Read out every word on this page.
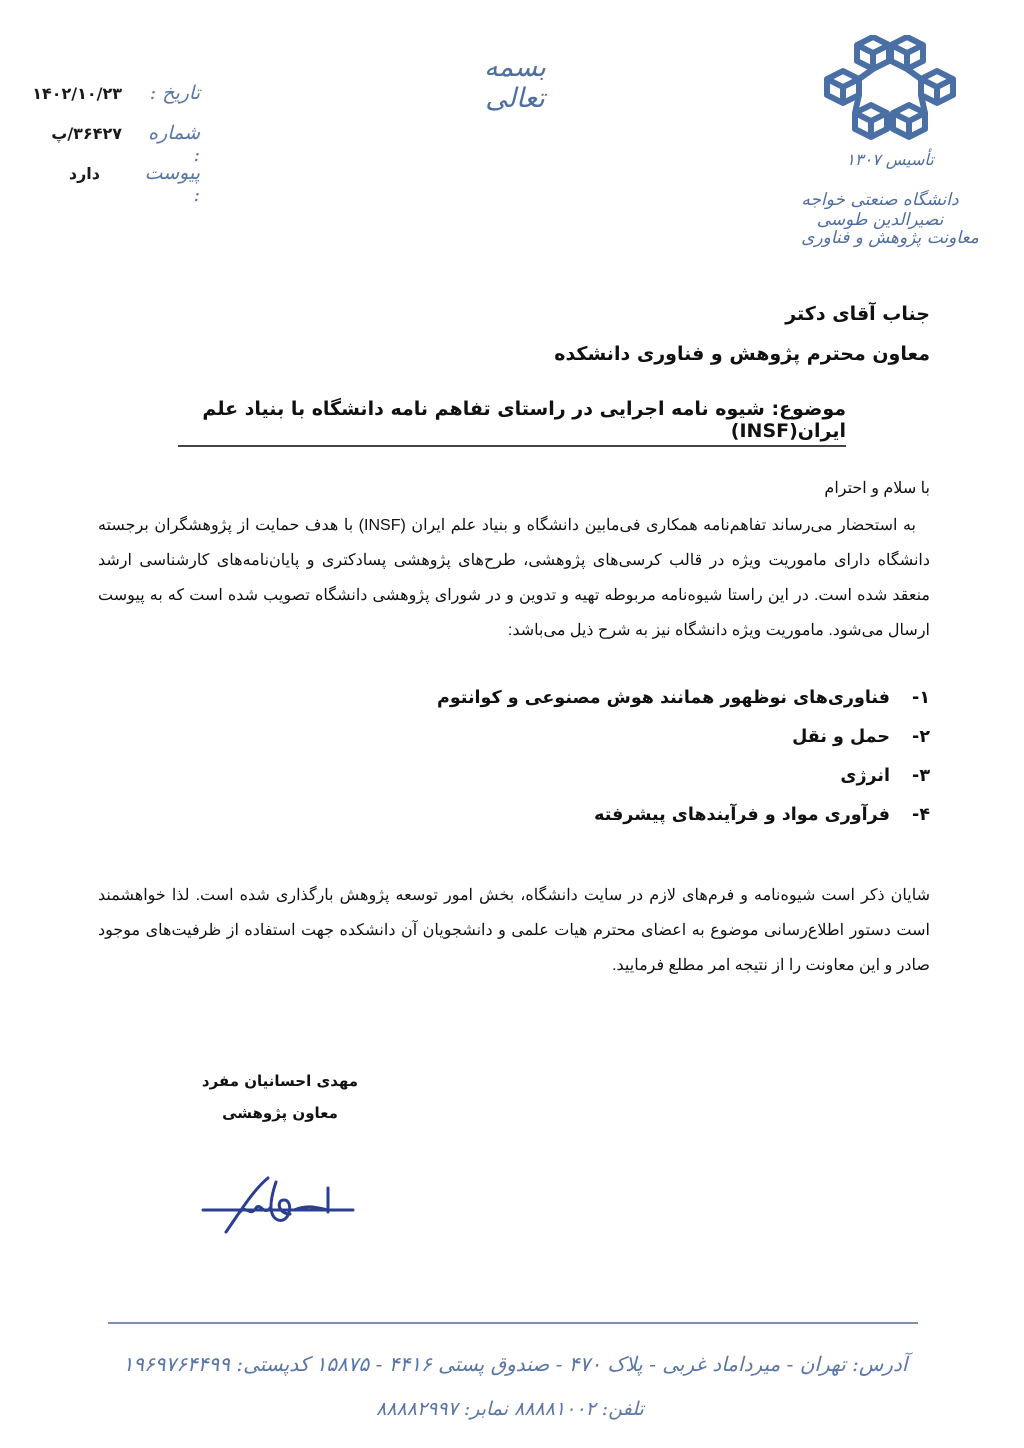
تاریخ :
۱۴۰۲/۱۰/۲۳
شماره :
۳۶۴۲۷/پ
پیوست :
دارد
بسمه تعالی
تأسیس ۱۳۰۷
دانشگاه صنعتی خواجه نصیرالدین طوسی
معاونت پژوهش و فناوری
جناب آقای دکتر
معاون محترم پژوهش و فناوری دانشکده
موضوع: شیوه نامه اجرایی در راستای تفاهم نامه دانشگاه با بنیاد علم ایران(INSF)
با سلام و احترام
به استحضار می‌رساند تفاهم‌نامه همکاری فی‌مابین دانشگاه و بنیاد علم ایران (INSF) با هدف حمایت از پژوهشگران برجسته دانشگاه دارای ماموریت ویژه در قالب کرسی‌های پژوهشی، طرح‌های پژوهشی پسادکتری و پایان‌نامه‌های کارشناسی ارشد منعقد شده است. در این راستا شیوه‌نامه مربوطه تهیه و تدوین و در شورای پژوهشی دانشگاه تصویب شده است که به پیوست ارسال می‌شود. ماموریت ویژه دانشگاه نیز به شرح ذیل می‌باشد:
۱-
فناوری‌های نوظهور همانند هوش مصنوعی و کوانتوم
۲-
حمل و نقل
۳-
انرژی
۴-
فرآوری مواد و فرآیندهای پیشرفته
شایان ذکر است شیوه‌نامه و فرم‌های لازم در سایت دانشگاه، بخش امور توسعه پژوهش بارگذاری شده است. لذا خواهشمند است دستور اطلاع‌رسانی موضوع به اعضای محترم هیات علمی و دانشجویان آن دانشکده جهت استفاده از ظرفیت‌های موجود صادر و این معاونت را از نتیجه امر مطلع فرمایید.
مهدی احسانیان مفرد
معاون پژوهشی
آدرس: تهران - میرداماد غربی - پلاک ۴۷۰ - صندوق پستی ۴۴۱۶ - ۱۵۸۷۵ کدپستی: ۱۹۶۹۷۶۴۴۹۹
تلفن: ۸۸۸۸۱۰۰۲ نمابر: ۸۸۸۸۲۹۹۷
